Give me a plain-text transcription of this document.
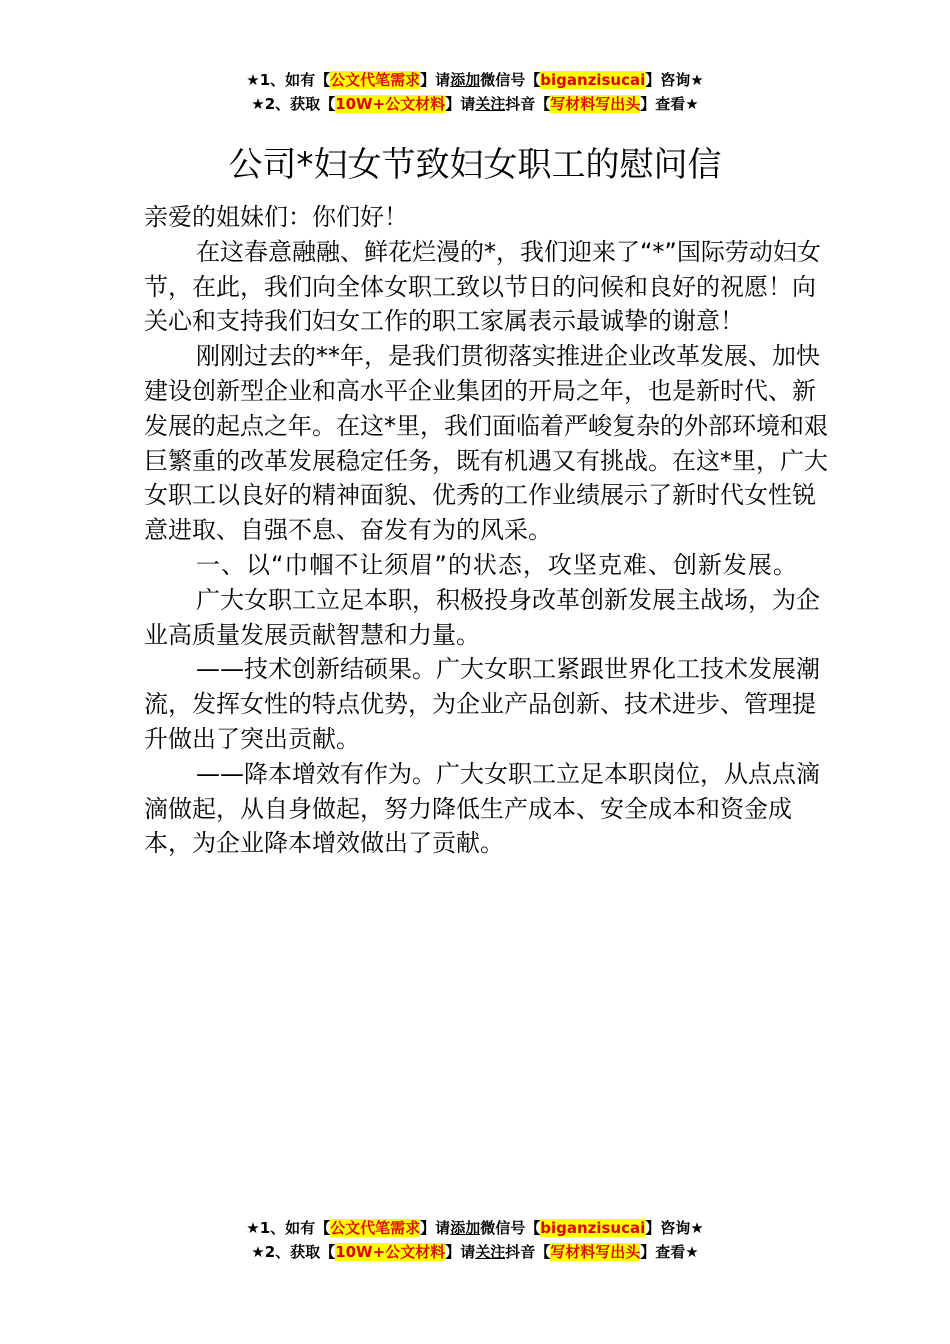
★1、如有【公文代笔需求】请添加微信号【biganzisucai】咨询★
★2、获取【10W+公文材料】请关注抖音【写材料写出头】查看★
公司*妇女节致妇女职工的慰问信

亲爱的姐妹们：你们好！

在这春意融融、鲜花烂漫的*，我们迎来了“*”国际劳动妇女节，在此，我们向全体女职工致以节日的问候和良好的祝愿！向关心和支持我们妇女工作的职工家属表示最诚挚的谢意！

刚刚过去的**年，是我们贯彻落实推进企业改革发展、加快建设创新型企业和高水平企业集团的开局之年，也是新时代、新发展的起点之年。在这*里，我们面临着严峻复杂的外部环境和艰巨繁重的改革发展稳定任务，既有机遇又有挑战。在这*里，广大女职工以良好的精神面貌、优秀的工作业绩展示了新时代女性锐意进取、自强不息、奋发有为的风采。

一、以“巾帼不让须眉”的状态，攻坚克难、创新发展。

广大女职工立足本职，积极投身改革创新发展主战场，为企业高质量发展贡献智慧和力量。

——技术创新结硕果。广大女职工紧跟世界化工技术发展潮流，发挥女性的特点优势，为企业产品创新、技术进步、管理提升做出了突出贡献。

——降本增效有作为。广大女职工立足本职岗位，从点点滴滴做起，从自身做起，努力降低生产成本、安全成本和资金成本，为企业降本增效做出了贡献。

★1、如有【公文代笔需求】请添加微信号【biganzisucai】咨询★
★2、获取【10W+公文材料】请关注抖音【写材料写出头】查看★
